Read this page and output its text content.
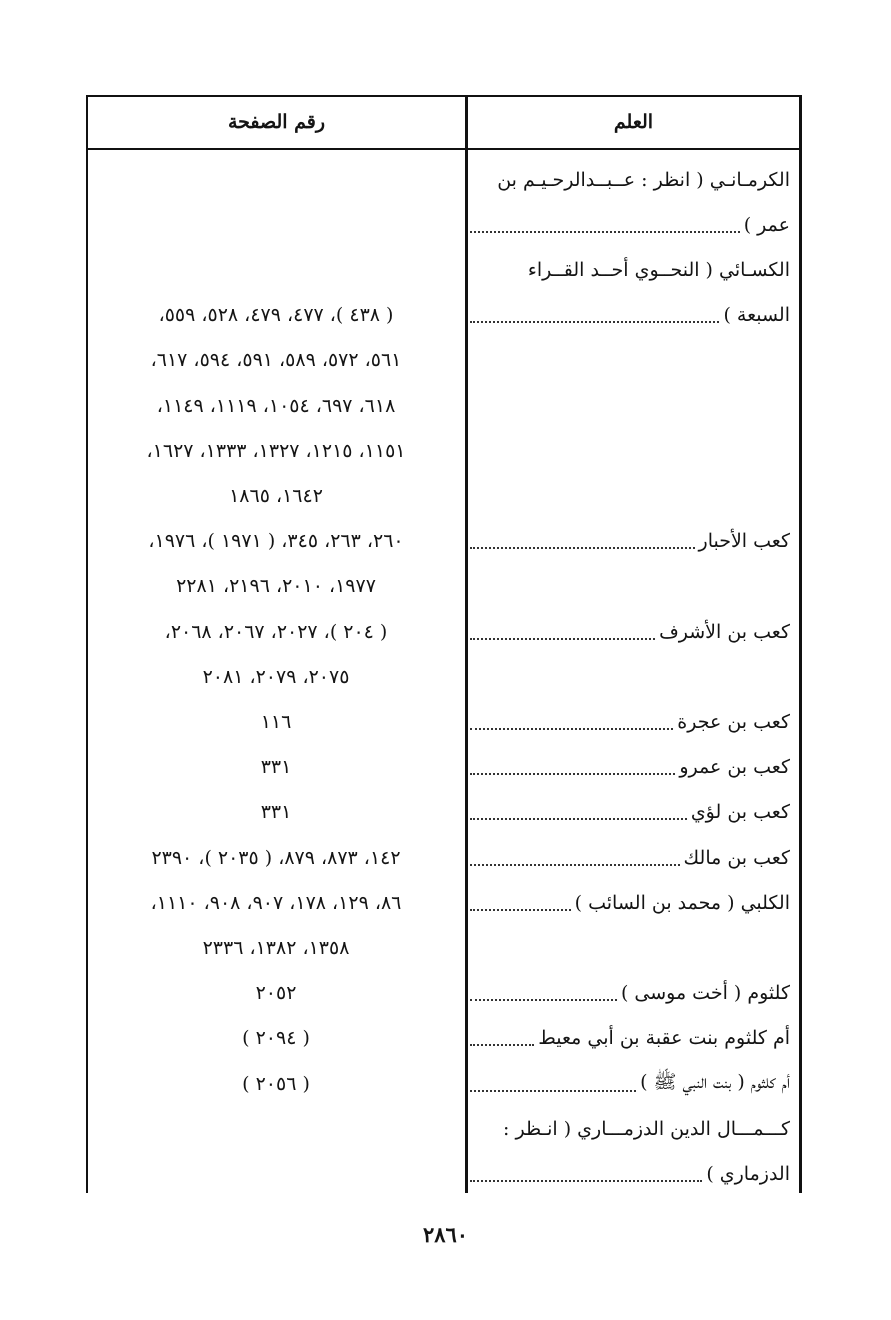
العلم
رقم الصفحة
الكرمـانـي ( انظر : عــبــدالرحـيـم بن
عمر )
الكسـائي ( النحــوي أحــد القــراء
السبعة )
( ٤٣٨ )، ٤٧٧، ٤٧٩، ٥٢٨، ٥٥٩،
٥٦١، ٥٧٢، ٥٨٩، ٥٩١، ٥٩٤، ٦١٧،
٦١٨، ٦٩٧، ١٠٥٤، ١١١٩، ١١٤٩،
١١٥١، ١٢١٥، ١٣٢٧، ١٣٣٣، ١٦٢٧،
١٦٤٢، ١٨٦٥
كعب الأحبار
٢٦٠، ٢٦٣، ٣٤٥، ( ١٩٧١ )، ١٩٧٦،
١٩٧٧، ٢٠١٠، ٢١٩٦، ٢٢٨١
كعب بن الأشرف
( ٢٠٤ )، ٢٠٢٧، ٢٠٦٧، ٢٠٦٨،
٢٠٧٥، ٢٠٧٩، ٢٠٨١
كعب بن عجرة
١١٦
كعب بن عمرو
٣٣١
كعب بن لؤي
٣٣١
كعب بن مالك
١٤٢، ٨٧٣، ٨٧٩، ( ٢٠٣٥ )، ٢٣٩٠
الكلبي ( محمد بن السائب )
٨٦، ١٢٩، ١٧٨، ٩٠٧، ٩٠٨، ١١١٠،
١٣٥٨، ١٣٨٢، ٢٣٣٦
كلثوم ( أخت موسى )
٢٠٥٢
أم كلثوم بنت عقبة بن أبي معيط
( ٢٠٩٤ )
أم كلثوم ( بنت النبي ﷺ )
( ٢٠٥٦ )
كـــمـــال الدين الدزمـــاري ( انـظر :
الدزماري )
٢٨٦٠
